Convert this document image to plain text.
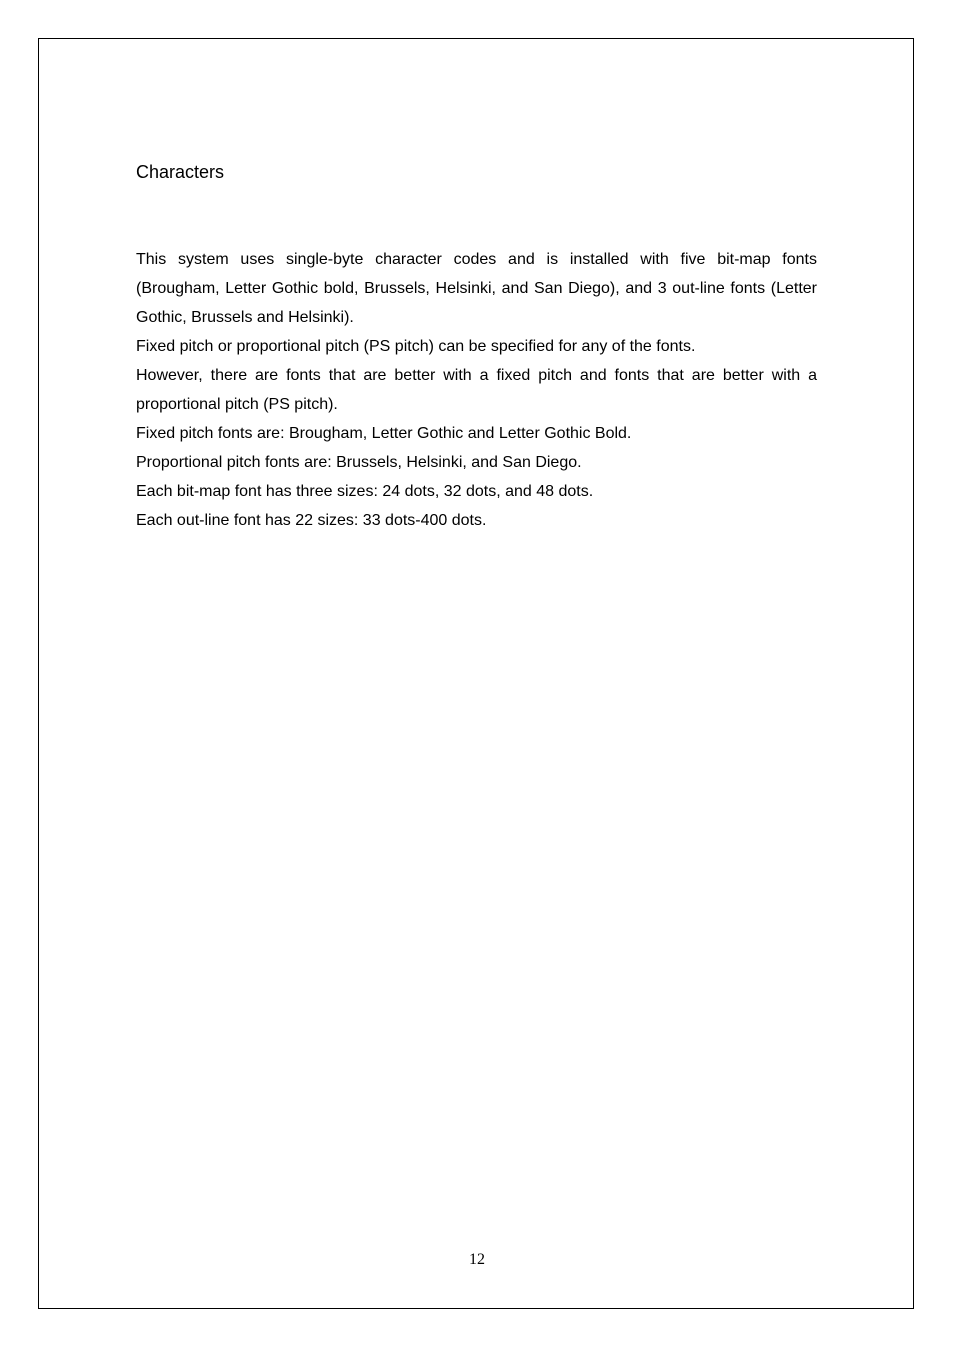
Characters

This system uses single-byte character codes and is installed with five bit-map fonts (Brougham, Letter Gothic bold, Brussels, Helsinki, and San Diego), and 3 out-line fonts (Letter Gothic, Brussels and Helsinki).

Fixed pitch or proportional pitch (PS pitch) can be specified for any of the fonts.

However, there are fonts that are better with a fixed pitch and fonts that are better with a proportional pitch (PS pitch).

Fixed pitch fonts are: Brougham, Letter Gothic and Letter Gothic Bold.

Proportional pitch fonts are: Brussels, Helsinki, and San Diego.

Each bit-map font has three sizes: 24 dots, 32 dots, and 48 dots.

Each out-line font has 22 sizes: 33 dots-400 dots.

12
